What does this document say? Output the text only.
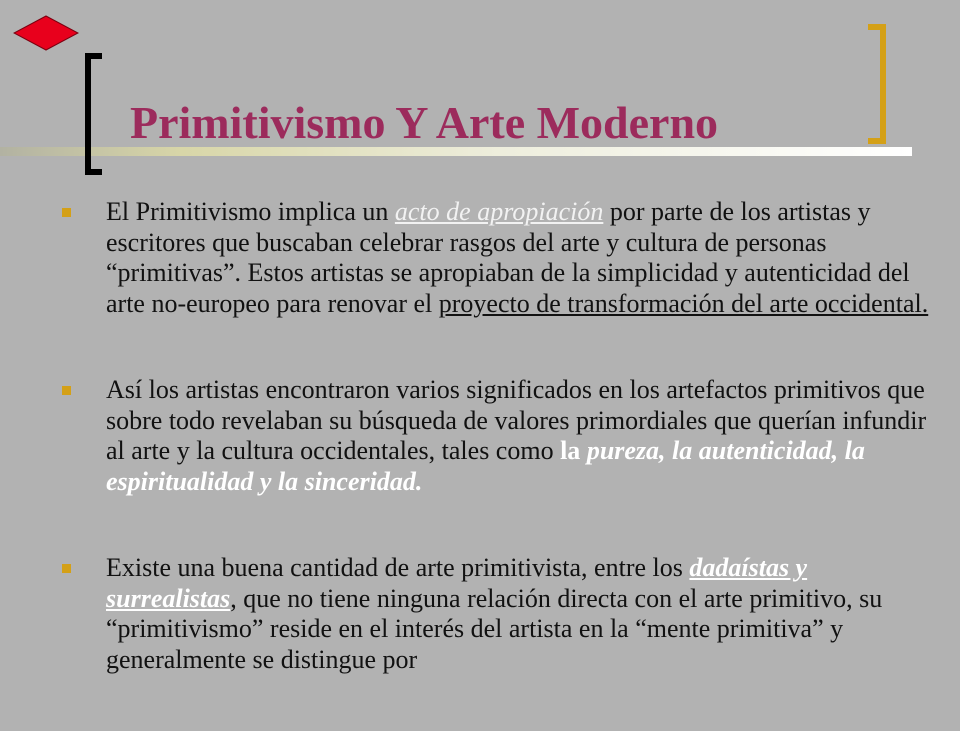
Primitivismo Y Arte Moderno

El Primitivismo implica un acto de apropiación por parte de los artistas y escritores que buscaban celebrar rasgos del arte y cultura de personas “primitivas”. Estos artistas se apropiaban de la simplicidad y autenticidad del arte no-europeo para renovar el proyecto de transformación del arte occidental.

Así los artistas encontraron varios significados en los artefactos primitivos que sobre todo revelaban su búsqueda de valores primordiales que querían infundir al arte y la cultura occidentales, tales como la pureza, la autenticidad, la espiritualidad y la sinceridad.

Existe una buena cantidad de arte primitivista, entre los dadaístas y surrealistas, que no tiene ninguna relación directa con el arte primitivo, su “primitivismo” reside en el interés del artista en la “mente primitiva” y generalmente se distingue por
